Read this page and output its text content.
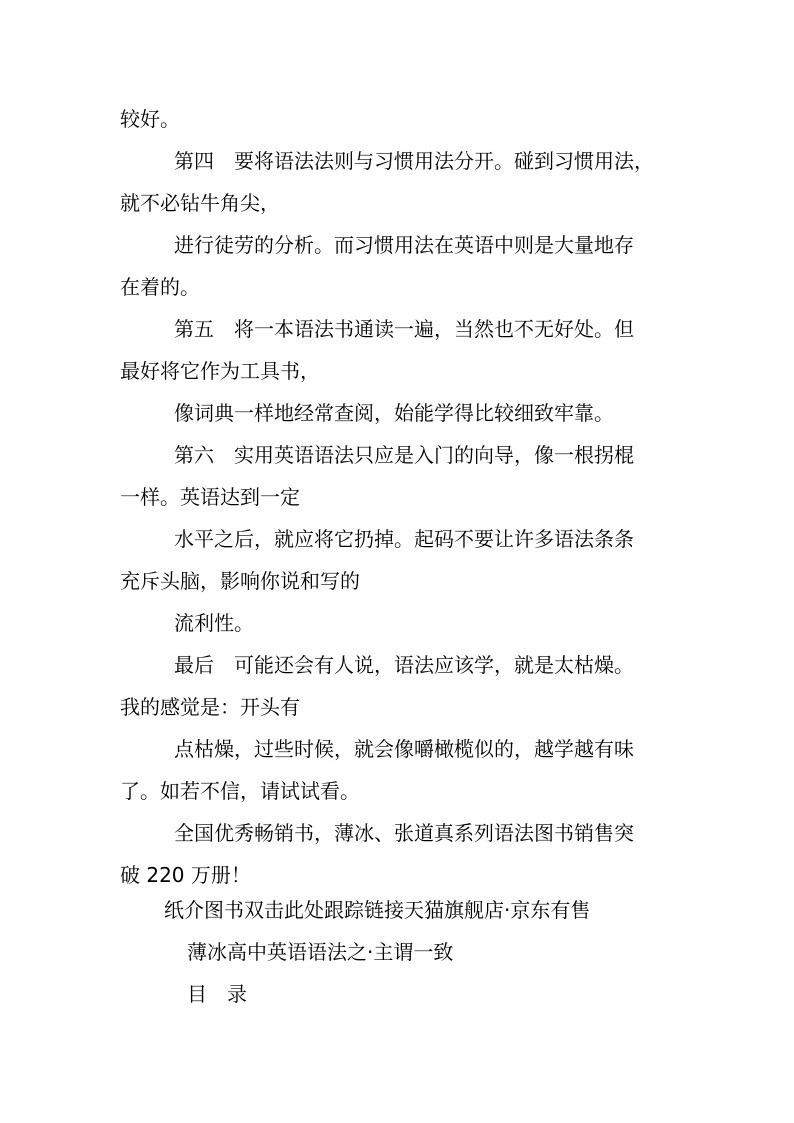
较好。

第四　要将语法法则与习惯用法分开。碰到习惯用法，

就不必钻牛角尖，

进行徒劳的分析。而习惯用法在英语中则是大量地存

在着的。

第五　将一本语法书通读一遍，当然也不无好处。但

最好将它作为工具书，

像词典一样地经常查阅，始能学得比较细致牢靠。

第六　实用英语语法只应是入门的向导，像一根拐棍

一样。英语达到一定

水平之后，就应将它扔掉。起码不要让许多语法条条

充斥头脑，影响你说和写的

流利性。

最后　可能还会有人说，语法应该学，就是太枯燥。

我的感觉是：开头有

点枯燥，过些时候，就会像嚼橄榄似的，越学越有味

了。如若不信，请试试看。

全国优秀畅销书，薄冰、张道真系列语法图书销售突

破 220 万册！

纸介图书双击此处跟踪链接天猫旗舰店·京东有售

薄冰高中英语语法之·主谓一致

目　录
